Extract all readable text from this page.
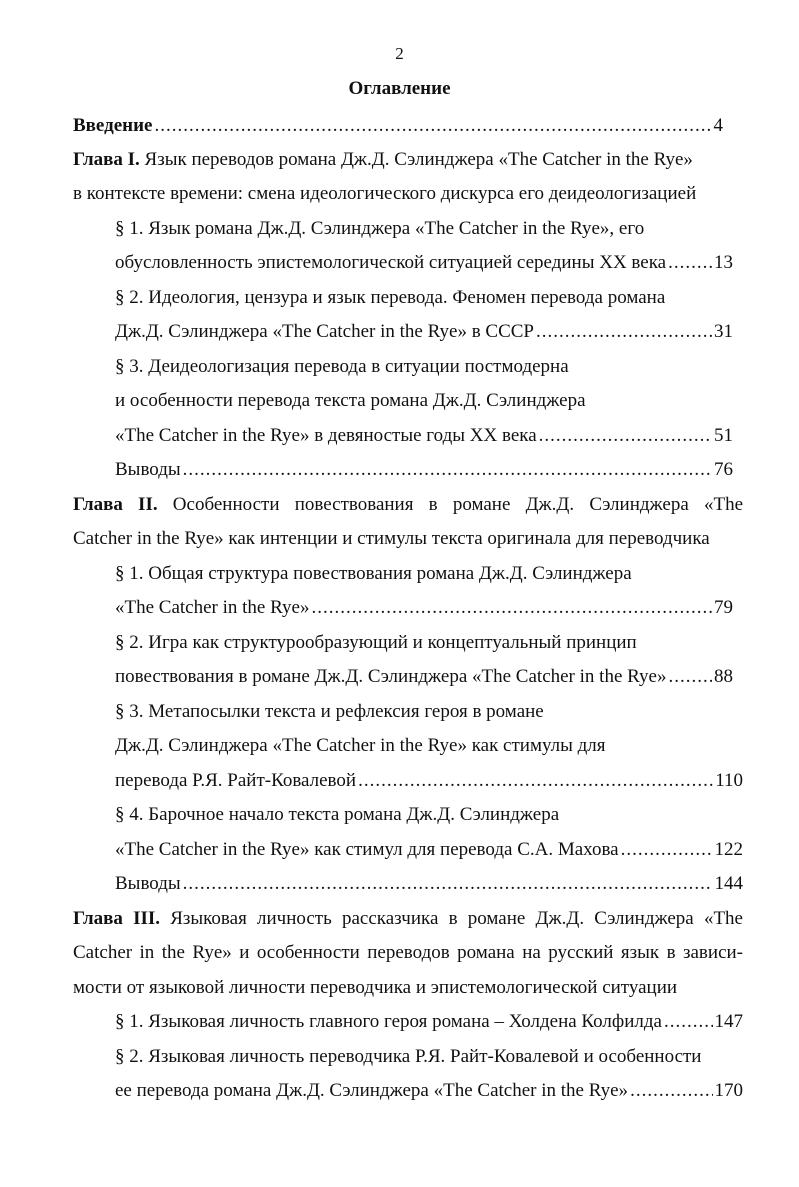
2
Оглавление
Введение .....	4
Глава I. Язык переводов романа Дж.Д. Сэлинджера «The Catcher in the Rye»
в контексте времени: смена идеологического дискурса его деидеологизацией
§ 1. Язык романа Дж.Д. Сэлинджера «The Catcher in the Rye», его
обусловленность эпистемологической ситуацией середины XX века .....	13
§ 2. Идеология, цензура и язык перевода. Феномен перевода романа
Дж.Д. Сэлинджера «The Catcher in the Rye» в СССР .....	31
§ 3. Деидеологизация перевода в ситуации постмодерна
и особенности перевода текста романа Дж.Д. Сэлинджера
«The Catcher in the Rye» в девяностые годы XX века .....	51
Выводы .....	76
Глава II. Особенности повествования в романе Дж.Д. Сэлинджера «The
Catcher in the Rye» как интенции и стимулы текста оригинала для переводчика
§ 1. Общая структура повествования романа Дж.Д. Сэлинджера
«The Catcher in the Rye» .....	79
§ 2. Игра как структурообразующий и концептуальный принцип
повествования в романе Дж.Д. Сэлинджера «The Catcher in the Rye» .....	88
§ 3. Метапосылки текста и рефлексия героя в романе
Дж.Д. Сэлинджера «The Catcher in the Rye» как стимулы для
перевода Р.Я. Райт-Ковалевой .....	110
§ 4. Барочное начало текста романа Дж.Д. Сэлинджера
«The Catcher in the Rye» как стимул для перевода С.А. Махова .....	122
Выводы .....	144
Глава III. Языковая личность рассказчика в романе Дж.Д. Сэлинджера «The
Catcher in the Rye» и особенности переводов романа на русский язык в зависи-
мости от языковой личности переводчика и эпистемологической ситуации
§ 1. Языковая личность главного героя романа – Холдена Колфилда .....	147
§ 2. Языковая личность переводчика Р.Я. Райт-Ковалевой и особенности
ее перевода романа Дж.Д. Сэлинджера «The Catcher in the Rye» .....	170
